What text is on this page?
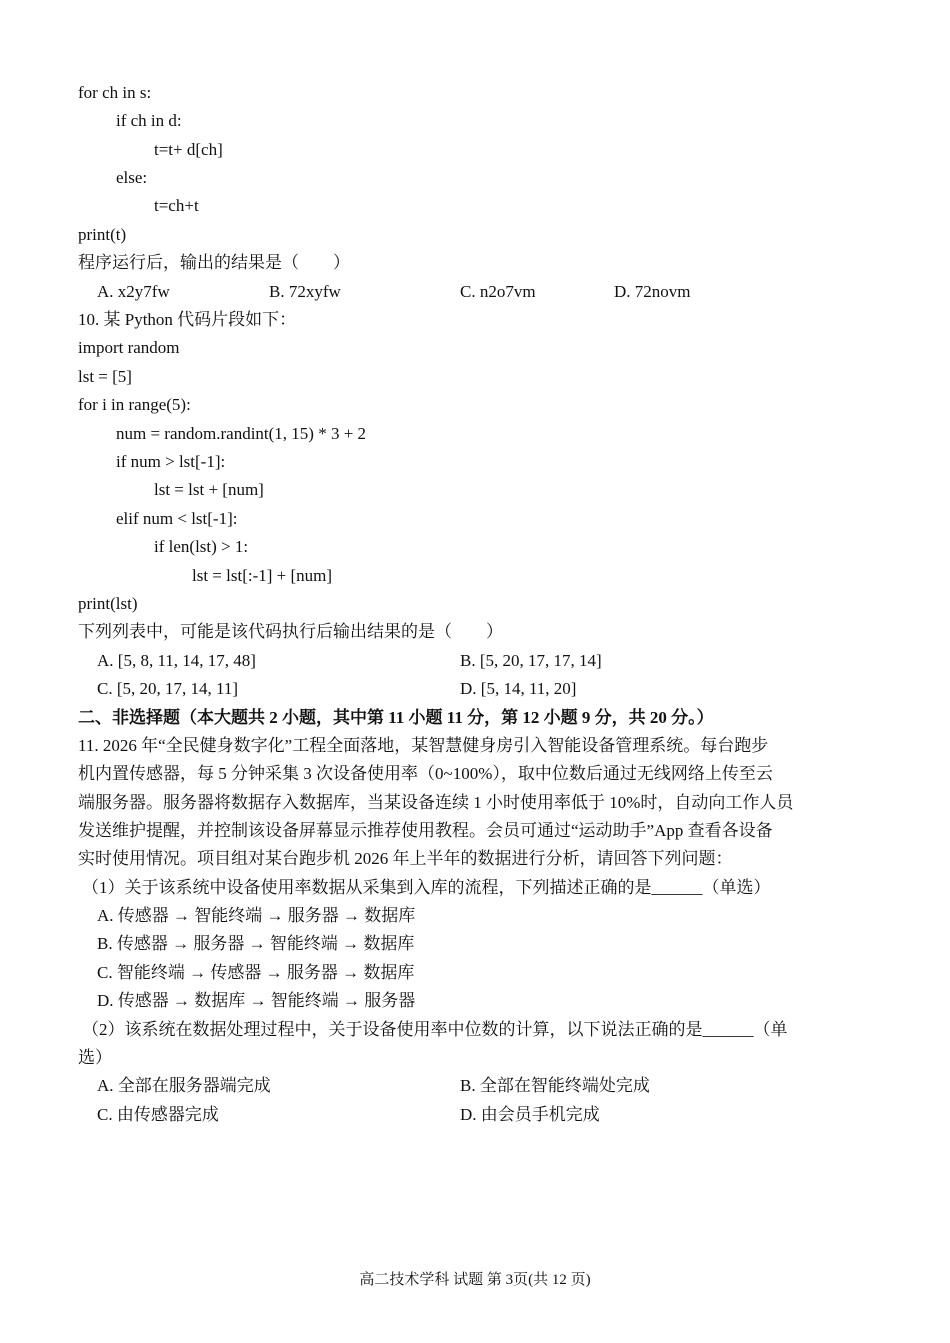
for ch in s:
if ch in d:
t=t+ d[ch]
else:
t=ch+t
print(t)
程序运行后，输出的结果是（　　）
A. x2y7fw	B. 72xyfw	C. n2o7vm	D. 72novm
10. 某 Python 代码片段如下：
import random
lst = [5]
for i in range(5):
num = random.randint(1, 15) * 3 + 2
if num > lst[-1]:
lst = lst + [num]
elif num < lst[-1]:
if len(lst) > 1:
lst = lst[:-1] + [num]
print(lst)
下列列表中，可能是该代码执行后输出结果的是（　　）
A. [5, 8, 11, 14, 17, 48]	B. [5, 20, 17, 17, 14]
C. [5, 20, 17, 14, 11]	D. [5, 14, 11, 20]
二、非选择题（本大题共 2 小题，其中第 11 小题 11 分，第 12 小题 9 分，共 20 分。）
11. 2026 年“全民健身数字化”工程全面落地，某智慧健身房引入智能设备管理系统。每台跑步
机内置传感器，每 5 分钟采集 3 次设备使用率（0~100%），取中位数后通过无线网络上传至云
端服务器。服务器将数据存入数据库，当某设备连续 1 小时使用率低于 10%时，自动向工作人员
发送维护提醒，并控制该设备屏幕显示推荐使用教程。会员可通过“运动助手”App 查看各设备
实时使用情况。项目组对某台跑步机 2026 年上半年的数据进行分析，请回答下列问题：
（1）关于该系统中设备使用率数据从采集到入库的流程，下列描述正确的是______（单选）
A. 传感器 → 智能终端 → 服务器 → 数据库
B. 传感器 → 服务器 → 智能终端 → 数据库
C. 智能终端 → 传感器 → 服务器 → 数据库
D. 传感器 → 数据库 → 智能终端 → 服务器
（2）该系统在数据处理过程中，关于设备使用率中位数的计算，以下说法正确的是______（单
选）
A. 全部在服务器端完成	B. 全部在智能终端处完成
C. 由传感器完成	D. 由会员手机完成
高二技术学科 试题 第 3页(共 12 页)
